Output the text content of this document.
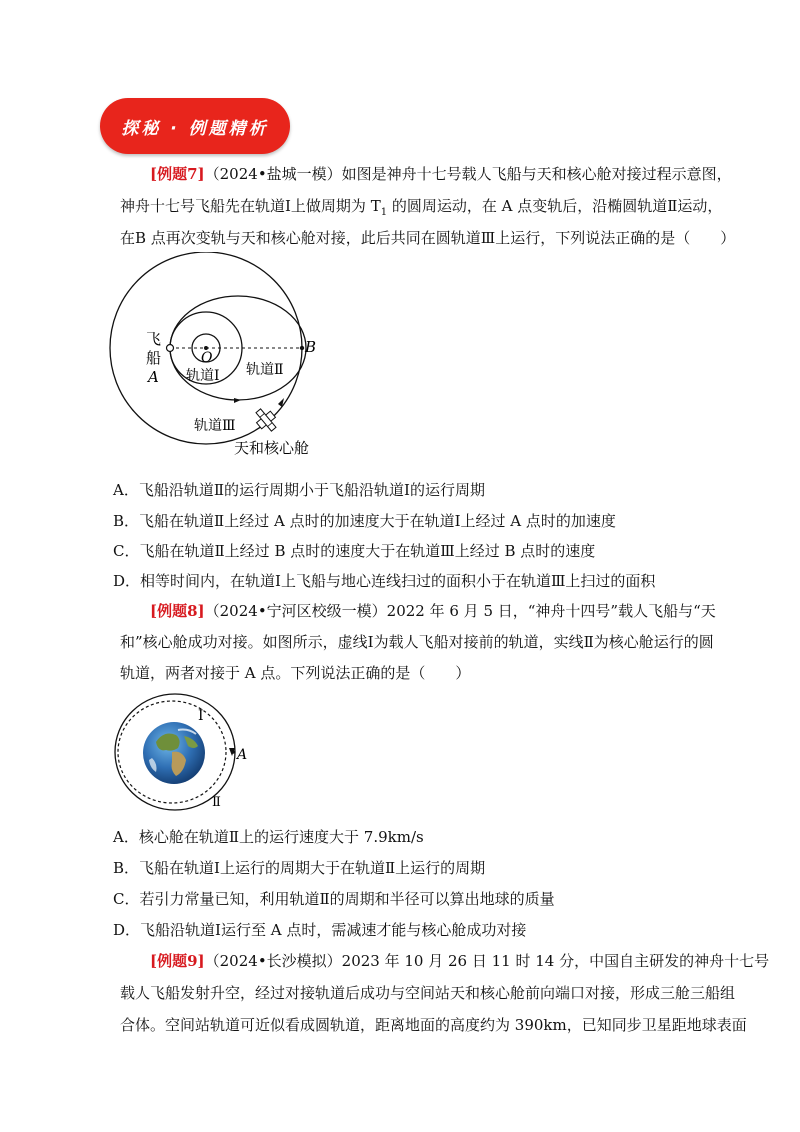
探秘 · 例题精析
[例题7]（2024•盐城一模）如图是神舟十七号载人飞船与天和核心舱对接过程示意图，
神舟十七号飞船先在轨道Ⅰ上做周期为 $T_1$ 的圆周运动，在 A 点变轨后，沿椭圆轨道Ⅱ运动，
在B 点再次变轨与天和核心舱对接，此后共同在圆轨道Ⅲ上运行，下列说法正确的是（　　）
飞
船
A
O
B
轨道Ⅰ 轨道Ⅱ
轨道Ⅲ
天和核心舱
A．飞船沿轨道Ⅱ的运行周期小于飞船沿轨道Ⅰ的运行周期
B．飞船在轨道Ⅱ上经过 A 点时的加速度大于在轨道Ⅰ上经过 A 点时的加速度
C．飞船在轨道Ⅱ上经过 B 点时的速度大于在轨道Ⅲ上经过 B 点时的速度
D．相等时间内，在轨道Ⅰ上飞船与地心连线扫过的面积小于在轨道Ⅲ上扫过的面积
[例题8]（2024•宁河区校级一模）2022 年 6 月 5 日，“神舟十四号”载人飞船与“天
和”核心舱成功对接。如图所示，虚线Ⅰ为载人飞船对接前的轨道，实线Ⅱ为核心舱运行的圆
轨道，两者对接于 A 点。下列说法正确的是（　　）
Ⅰ
A
Ⅱ
A．核心舱在轨道Ⅱ上的运行速度大于 7.9km/s
B．飞船在轨道Ⅰ上运行的周期大于在轨道Ⅱ上运行的周期
C．若引力常量已知，利用轨道Ⅱ的周期和半径可以算出地球的质量
D．飞船沿轨道Ⅰ运行至 A 点时，需减速才能与核心舱成功对接
[例题9]（2024•长沙模拟）2023 年 10 月 26 日 11 时 14 分，中国自主研发的神舟十七号
载人飞船发射升空，经过对接轨道后成功与空间站天和核心舱前向端口对接，形成三舱三船组
合体。空间站轨道可近似看成圆轨道，距离地面的高度约为 390km，已知同步卫星距地球表面
